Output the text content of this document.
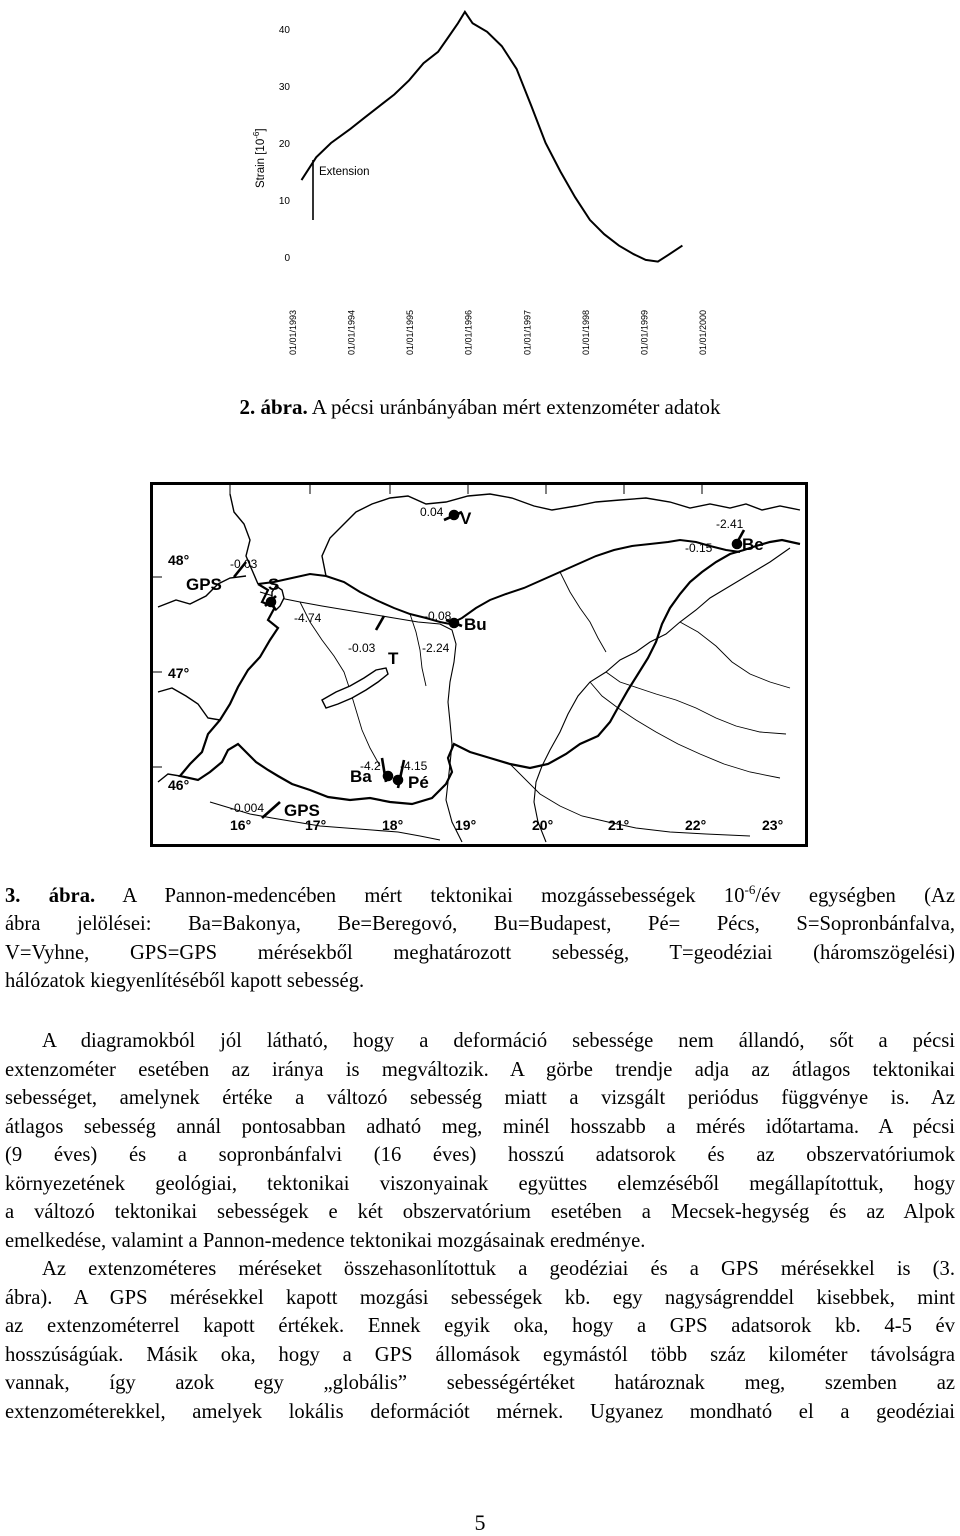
0
10
20
30
40
01/01/1993	01/01/1994	01/01/1995	01/01/1996	01/01/1997	01/01/1998	01/01/1999	01/01/2000
Strain $[10^{-6}]$
Extension
2. ábra. A pécsi uránbányában mért extenzométer adatok
48°
47°
46°
16°	17°	18°	19°	20°	21°	22°	23°
-0.03
GPS	S
-4.74
0.04 V	-2.41
-0.15 Be
-0.08 Bu
-2.24
-0.03
T
-4.2
Ba
-4.15
Pé
-0.004 GPS
3. ábra. A Pannon-medencében mért tektonikai mozgássebességek $10^{-6}/év$ egységben (Az
ábra jelölései: Ba=Bakonya, Be=Beregovó, Bu=Budapest, Pé= Pécs, S=Sopronbánfalva,
V=Vyhne, GPS=GPS mérésekből meghatározott sebesség, T=geodéziai (háromszögelési)
hálózatok kiegyenlítéséből kapott sebesség.
A diagramokból jól látható, hogy a deformáció sebessége nem állandó, sőt a pécsi
extenzométer esetében az iránya is megváltozik. A görbe trendje adja az átlagos tektonikai
sebességet, amelynek értéke a változó sebesség miatt a vizsgált periódus függvénye is. Az
átlagos sebesség annál pontosabban adható meg, minél hosszabb a mérés időtartama. A pécsi
(9 éves) és a sopronbánfalvi (16 éves) hosszú adatsorok és az obszervatóriumok
környezetének geológiai, tektonikai viszonyainak együttes elemzéséből megállapítottuk, hogy
a változó tektonikai sebességek e két obszervatórium esetében a Mecsek-hegység és az Alpok
emelkedése, valamint a Pannon-medence tektonikai mozgásainak eredménye.
Az extenzométeres méréseket összehasonlítottuk a geodéziai és a GPS mérésekkel is (3.
ábra). A GPS mérésekkel kapott mozgási sebességek kb. egy nagyságrenddel kisebbek, mint
az extenzométerrel kapott értékek. Ennek egyik oka, hogy a GPS adatsorok kb. 4-5 év
hosszúságúak. Másik oka, hogy a GPS állomások egymástól több száz kilométer távolságra
vannak, így azok egy „globális” sebességértéket határoznak meg, szemben az
extenzométerekkel, amelyek lokális deformációt mérnek. Ugyanez mondható el a geodéziai
5
